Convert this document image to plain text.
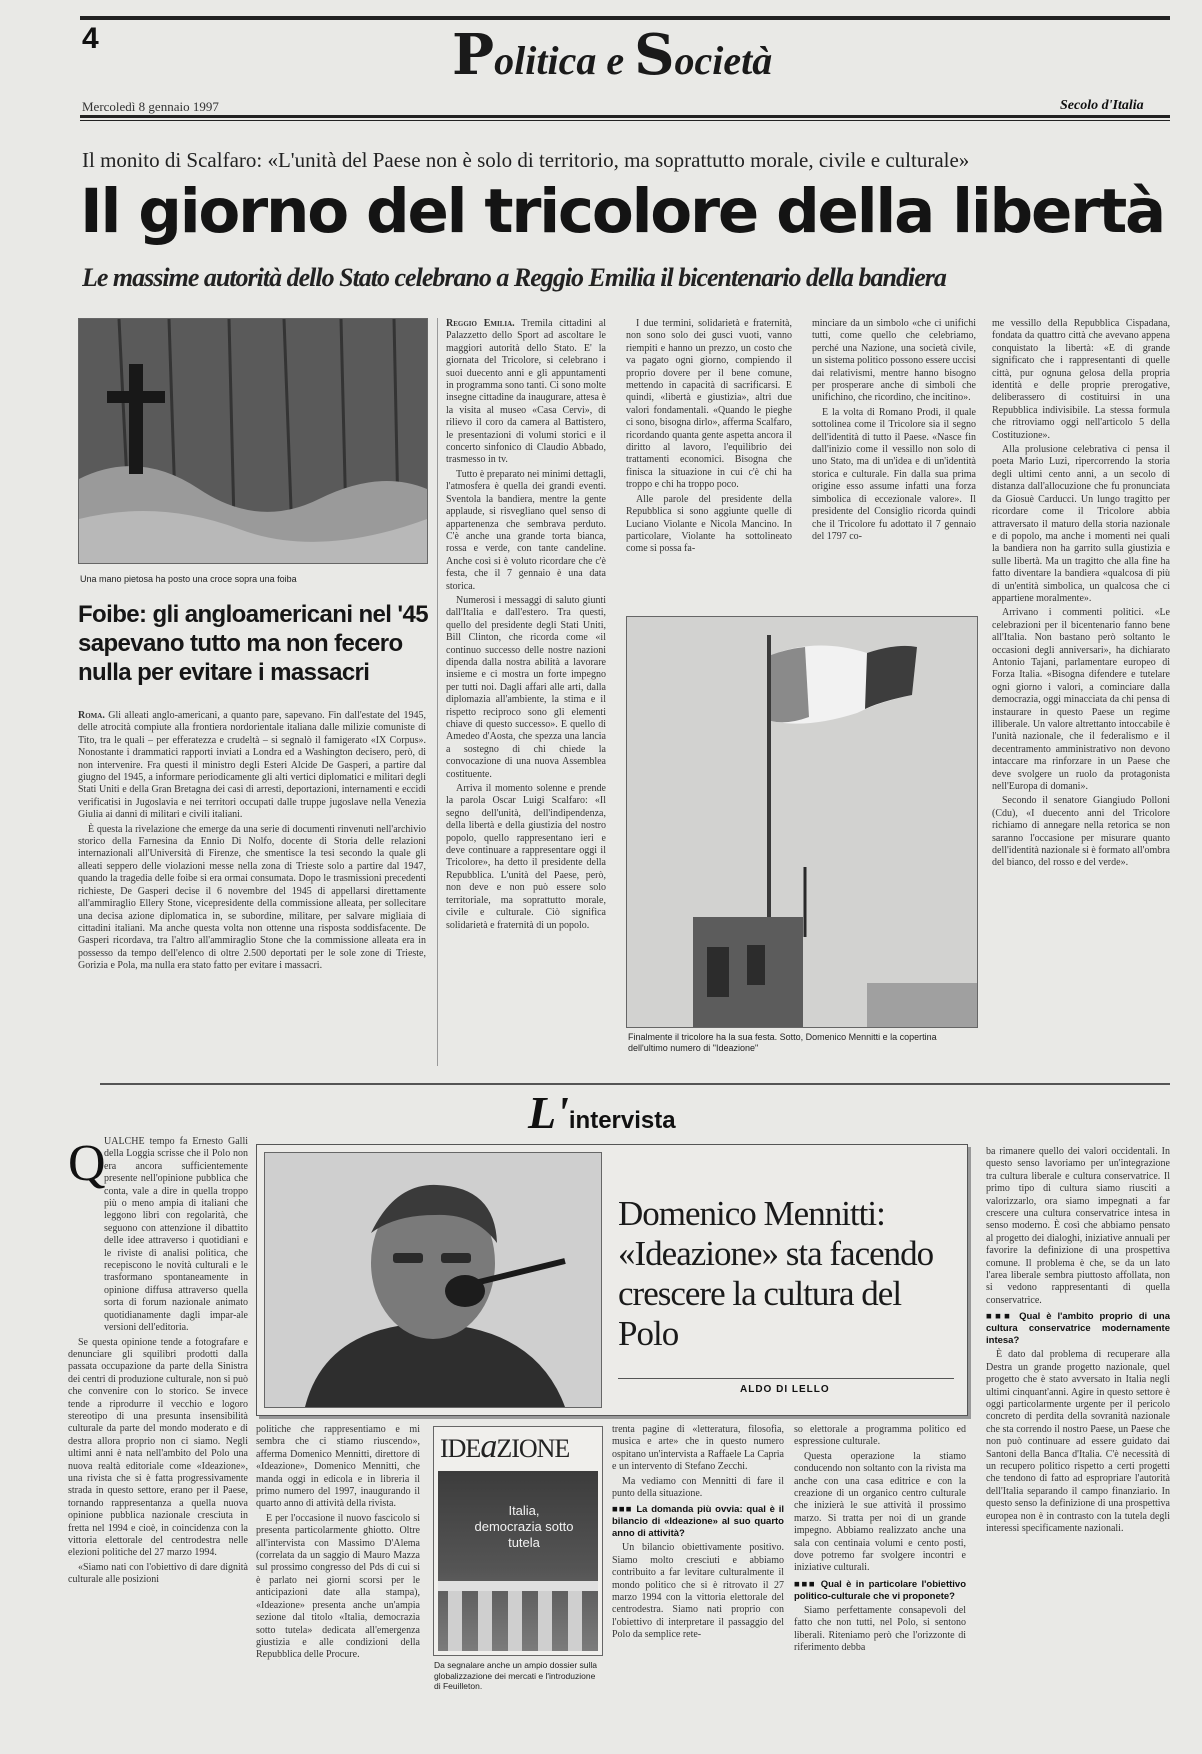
4	Politica e Società
Mercoledì 8 gennaio 1997	Secolo d'Italia
Il monito di Scalfaro: «L'unità del Paese non è solo di territorio, ma soprattutto morale, civile e culturale»
Il giorno del tricolore della libertà
Le massime autorità dello Stato celebrano a Reggio Emilia il bicentenario della bandiera
Una mano pietosa ha posto una croce sopra una foiba
Foibe: gli angloamericani nel '45 sapevano tutto ma non fecero nulla per evitare i massacri

Roma. Gli alleati anglo-americani, a quanto pare, sapevano. Fin dall'estate del 1945, delle atrocità compiute alla frontiera nordorientale italiana dalle milizie comuniste di Tito, tra le quali – per efferatezza e crudeltà – si segnalò il famigerato «IX Corpus». Nonostante i drammatici rapporti inviati a Londra ed a Washington decisero, però, di non intervenire. Fra questi il ministro degli Esteri Alcide De Gasperi, a partire dal giugno del 1945, a informare periodicamente gli alti vertici diplomatici e militari degli Stati Uniti e della Gran Bretagna dei casi di arresti, deportazioni, internamenti e eccidi verificatisi in Jugoslavia e nei territori occupati dalle truppe jugoslave nella Venezia Giulia ai danni di militari e civili italiani.

È questa la rivelazione che emerge da una serie di documenti rinvenuti nell'archivio storico della Farnesina da Ennio Di Nolfo, docente di Storia delle relazioni internazionali all'Università di Firenze, che smentisce la tesi secondo la quale gli alleati seppero delle violazioni messe nella zona di Trieste solo a partire dal 1947, quando la tragedia delle foibe si era ormai consumata. Dopo le trasmissioni precedenti richieste, De Gasperi decise il 6 novembre del 1945 di appellarsi direttamente all'ammiraglio Ellery Stone, vicepresidente della commissione alleata, per sollecitare una decisa azione diplomatica in, se subordine, militare, per salvare migliaia di cittadini italiani. Ma anche questa volta non ottenne una risposta soddisfacente. De Gasperi ricordava, tra l'altro all'ammiraglio Stone che la commissione alleata era in possesso da tempo dell'elenco di oltre 2.500 deportati per le sole zone di Trieste, Gorizia e Pola, ma nulla era stato fatto per evitare i massacri.

Reggio Emilia. Tremila cittadini al Palazzetto dello Sport ad ascoltare le maggiori autorità dello Stato. E' la giornata del Tricolore, si celebrano i suoi duecento anni e gli appuntamenti in programma sono tanti. Ci sono molte insegne cittadine da inaugurare, attesa è la visita al museo «Casa Cervi», di rilievo il coro da camera al Battistero, le presentazioni di volumi storici e il concerto sinfonico di Claudio Abbado, trasmesso in tv.

Tutto è preparato nei minimi dettagli, l'atmosfera è quella dei grandi eventi. Sventola la bandiera, mentre la gente applaude, si risvegliano quel senso di appartenenza che sembrava perduto. C'è anche una grande torta bianca, rossa e verde, con tante candeline. Anche così si è voluto ricordare che c'è festa, che il 7 gennaio è una data storica.

Numerosi i messaggi di saluto giunti dall'Italia e dall'estero. Tra questi, quello del presidente degli Stati Uniti, Bill Clinton, che ricorda come «il continuo successo delle nostre nazioni dipenda dalla nostra abilità a lavorare insieme e ci mostra un forte impegno per tutti noi. Dagli affari alle arti, dalla diplomazia all'ambiente, la stima e il rispetto reciproco sono gli elementi chiave di questo successo». E quello di Amedeo d'Aosta, che spezza una lancia a sostegno di chi chiede la convocazione di una nuova Assemblea costituente.

Arriva il momento solenne e prende la parola Oscar Luigi Scalfaro: «Il segno dell'unità, dell'indipendenza, della libertà e della giustizia del nostro popolo, quello rappresentano ieri e deve continuare a rappresentare oggi il Tricolore», ha detto il presidente della Repubblica. L'unità del Paese, però, non deve e non può essere solo territoriale, ma soprattutto morale, civile e culturale. Ciò significa solidarietà e fraternità di un popolo.

I due termini, solidarietà e fraternità, non sono solo dei gusci vuoti, vanno riempiti e hanno un prezzo, un costo che va pagato ogni giorno, compiendo il proprio dovere per il bene comune, mettendo in capacità di sacrificarsi. E quindi, «libertà e giustizia», altri due valori fondamentali. «Quando le pieghe ci sono, bisogna dirlo», afferma Scalfaro, ricordando quanta gente aspetta ancora il diritto al lavoro, l'equilibrio dei trattamenti economici. Bisogna che finisca la situazione in cui c'è chi ha troppo e chi ha troppo poco.

Alle parole del presidente della Repubblica si sono aggiunte quelle di Luciano Violante e Nicola Mancino. In particolare, Violante ha sottolineato come si possa fa-

minciare da un simbolo «che ci unifichi tutti, come quello che celebriamo, perché una Nazione, una società civile, un sistema politico possono essere uccisi dai relativismi, mentre hanno bisogno per prosperare anche di simboli che unifichino, che ricordino, che incitino».

E la volta di Romano Prodi, il quale sottolinea come il Tricolore sia il segno dell'identità di tutto il Paese. «Nasce fin dall'inizio come il vessillo non solo di uno Stato, ma di un'idea e di un'identità storica e culturale. Fin dalla sua prima origine esso assume infatti una forza simbolica di eccezionale valore». Il presidente del Consiglio ricorda quindi che il Tricolore fu adottato il 7 gennaio del 1797 co-

Finalmente il tricolore ha la sua festa. Sotto, Domenico Mennitti e la copertina dell'ultimo numero di "Ideazione"

me vessillo della Repubblica Cispadana, fondata da quattro città che avevano appena conquistato la libertà: «E di grande significato che i rappresentanti di quelle città, pur ognuna gelosa della propria identità e delle proprie prerogative, deliberassero di costituirsi in una Repubblica indivisibile. La stessa formula che ritroviamo oggi nell'articolo 5 della Costituzione».

Alla prolusione celebrativa ci pensa il poeta Mario Luzi, ripercorrendo la storia degli ultimi cento anni, a un secolo di distanza dall'allocuzione che fu pronunciata da Giosuè Carducci. Un lungo tragitto per ricordare come il Tricolore abbia attraversato il maturo della storia nazionale e di popolo, ma anche i momenti nei quali la bandiera non ha garrito sulla giustizia e sulle libertà. Ma un tragitto che alla fine ha fatto diventare la bandiera «qualcosa di più di un'entità simbolica, un qualcosa che ci appartiene moralmente».

Arrivano i commenti politici. «Le celebrazioni per il bicentenario fanno bene all'Italia. Non bastano però soltanto le occasioni degli anniversari», ha dichiarato Antonio Tajani, parlamentare europeo di Forza Italia. «Bisogna difendere e tutelare ogni giorno i valori, a cominciare dalla democrazia, oggi minacciata da chi pensa di instaurare in questo Paese un regime illiberale. Un valore altrettanto intoccabile è l'unità nazionale, che il federalismo e il decentramento amministrativo non devono intaccare ma rinforzare in un Paese che deve svolgere un ruolo da protagonista nell'Europa di domani».

Secondo il senatore Giangiudo Polloni (Cdu), «I duecento anni del Tricolore richiamo di annegare nella retorica se non saranno l'occasione per misurare quanto dell'identità nazionale si è formato all'ombra del bianco, del rosso e del verde».

L'intervista
Q

UALCHE tempo fa Ernesto Galli della Loggia scrisse che il Polo non era ancora sufficientemente presente nell'opinione pubblica che conta, vale a dire in quella troppo più o meno ampia di italiani che leggono libri con regolarità, che seguono con attenzione il dibattito delle idee attraverso i quotidiani e le riviste di analisi politica, che recepiscono le novità culturali e le trasformano spontaneamente in opinione diffusa attraverso quella sorta di forum nazionale animato quotidianamente dagli impar-ale versioni dell'editoria.

Se questa opinione tende a fotografare e denunciare gli squilibri prodotti dalla passata occupazione da parte della Sinistra dei centri di produzione culturale, non si può che convenire con lo storico. Se invece tende a riprodurre il vecchio e logoro stereotipo di una presunta insensibilità culturale da parte del mondo moderato e di destra allora proprio non ci siamo. Negli ultimi anni è nata nell'ambito del Polo una nuova realtà editoriale come «Ideazione», una rivista che si è fatta progressivamente strada in questo settore, erano per il Paese, tornando rappresentanza a quella nuova opinione pubblica nazionale cresciuta in fretta nel 1994 e cioè, in coincidenza con la vittoria elettorale del centrodestra nelle elezioni politiche del 27 marzo 1994.

«Siamo nati con l'obiettivo di dare dignità culturale alle posizioni

Domenico Mennitti: «Ideazione» sta facendo crescere la cultura del Polo
ALDO DI LELLO

politiche che rappresentiamo e mi sembra che ci stiamo riuscendo», afferma Domenico Mennitti, direttore di «Ideazione», Domenico Mennitti, che manda oggi in edicola e in libreria il primo numero del 1997, inaugurando il quarto anno di attività della rivista.

E per l'occasione il nuovo fascicolo si presenta particolarmente ghiotto. Oltre all'intervista con Massimo D'Alema (correlata da un saggio di Mauro Mazza sul prossimo congresso del Pds di cui si è parlato nei giorni scorsi per le anticipazioni date alla stampa), «Ideazione» presenta anche un'ampia sezione dal titolo «Italia, democrazia sotto tutela» dedicata all'emergenza giustizia e alle condizioni della Repubblica delle Procure.

IDEaZIONE
Italia, democrazia sotto tutela
Da segnalare anche un ampio dossier sulla globalizzazione dei mercati e l'introduzione di Feuilleton.

trenta pagine di «letteratura, filosofia, musica e arte» che in questo numero ospitano un'intervista a Raffaele La Capria e un intervento di Stefano Zecchi.

Ma vediamo con Mennitti di fare il punto della situazione.

■■■ La domanda più ovvia: qual è il bilancio di «Ideazione» al suo quarto anno di attività?

Un bilancio obiettivamente positivo. Siamo molto cresciuti e abbiamo contribuito a far levitare culturalmente il mondo politico che si è ritrovato il 27 marzo 1994 con la vittoria elettorale del centrodestra. Siamo nati proprio con l'obiettivo di interpretare il passaggio del Polo da semplice rete-

so elettorale a programma politico ed espressione culturale.

Questa operazione la stiamo conducendo non soltanto con la rivista ma anche con una casa editrice e con la creazione di un organico centro culturale che inizierà le sue attività il prossimo marzo. Si tratta per noi di un grande impegno. Abbiamo realizzato anche una sala con centinaia volumi e cento posti, dove potremo far svolgere incontri e iniziative culturali.

■■■ Qual è in particolare l'obiettivo politico-culturale che vi proponete?

Siamo perfettamente consapevoli del fatto che non tutti, nel Polo, si sentono liberali. Riteniamo però che l'orizzonte di riferimento debba

ba rimanere quello dei valori occidentali. In questo senso lavoriamo per un'integrazione tra cultura liberale e cultura conservatrice. Il primo tipo di cultura siamo riusciti a valorizzarlo, ora siamo impegnati a far crescere una cultura conservatrice intesa in senso moderno. È così che abbiamo pensato al progetto dei dialoghi, iniziative annuali per favorire la definizione di una prospettiva comune. Il problema è che, se da un lato l'area liberale sembra piuttosto affollata, non si vedono rappresentanti di quella conservatrice.

■■■ Qual è l'ambito proprio di una cultura conservatrice modernamente intesa?

È dato dal problema di recuperare alla Destra un grande progetto nazionale, quel progetto che è stato avversato in Italia negli ultimi cinquant'anni. Agire in questo settore è oggi particolarmente urgente per il pericolo concreto di perdita della sovranità nazionale che sta correndo il nostro Paese, un Paese che non può continuare ad essere guidato dai Santoni della Banca d'Italia. C'è necessità di un recupero politico rispetto a certi progetti che tendono di fatto ad espropriare l'autorità dell'Italia separando il campo finanziario. In questo senso la definizione di una prospettiva europea non è in contrasto con la tutela degli interessi specificamente nazionali.
